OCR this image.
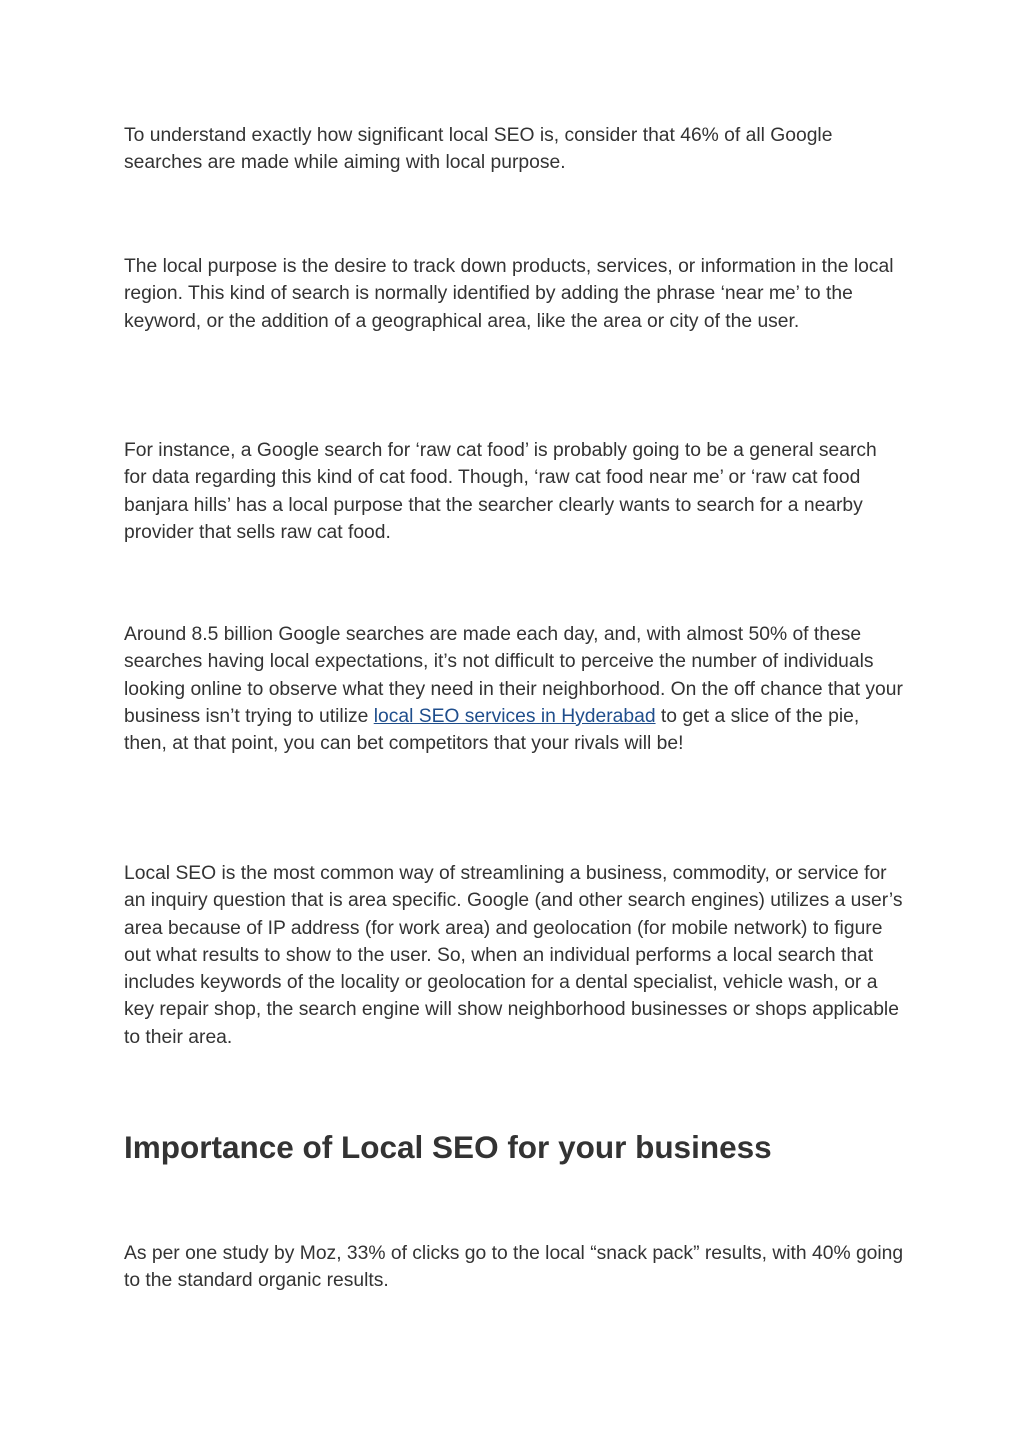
To understand exactly how significant local SEO is, consider that 46% of all Google searches are made while aiming with local purpose.

The local purpose is the desire to track down products, services, or information in the local region. This kind of search is normally identified by adding the phrase ‘near me’ to the keyword, or the addition of a geographical area, like the area or city of the user.

For instance, a Google search for ‘raw cat food’ is probably going to be a general search for data regarding this kind of cat food. Though, ‘raw cat food near me’ or ‘raw cat food banjara hills’ has a local purpose that the searcher clearly wants to search for a nearby provider that sells raw cat food.

Around 8.5 billion Google searches are made each day, and, with almost 50% of these searches having local expectations, it’s not difficult to perceive the number of individuals looking online to observe what they need in their neighborhood. On the off chance that your business isn’t trying to utilize local SEO services in Hyderabad to get a slice of the pie, then, at that point, you can bet competitors that your rivals will be!

Local SEO is the most common way of streamlining a business, commodity, or service for an inquiry question that is area specific. Google (and other search engines) utilizes a user’s area because of IP address (for work area) and geolocation (for mobile network) to figure out what results to show to the user. So, when an individual performs a local search that includes keywords of the locality or geolocation for a dental specialist, vehicle wash, or a key repair shop, the search engine will show neighborhood businesses or shops applicable to their area.

Importance of Local SEO for your business

As per one study by Moz, 33% of clicks go to the local “snack pack” results, with 40% going to the standard organic results.
